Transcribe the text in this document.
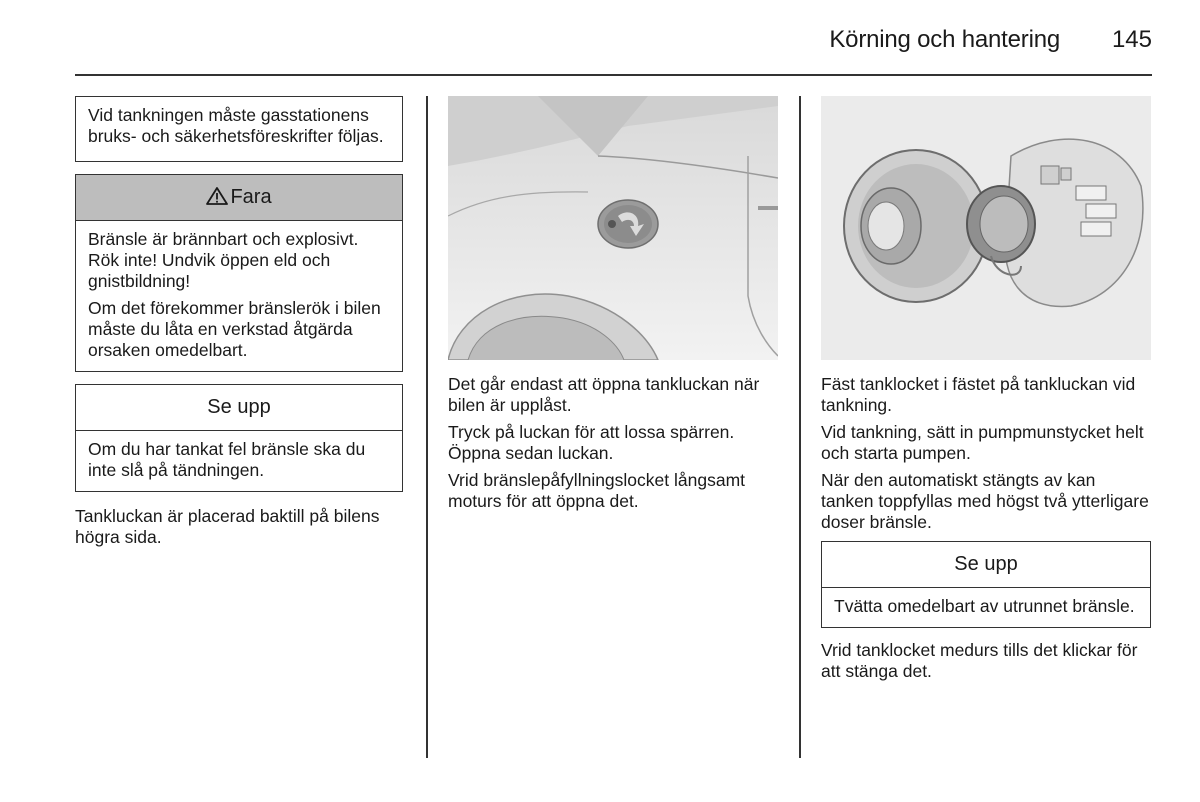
Körning och hantering	145

Vid tankningen måste gasstationens bruks- och säkerhetsföreskrifter följas.

Fara

Bränsle är brännbart och explosivt. Rök inte! Undvik öppen eld och gnistbildning!

Om det förekommer bränslerök i bilen måste du låta en verkstad åtgärda orsaken omedelbart.

Se upp

Om du har tankat fel bränsle ska du inte slå på tändningen.

Tankluckan är placerad baktill på bilens högra sida.

Det går endast att öppna tankluckan när bilen är upplåst.

Tryck på luckan för att lossa spärren. Öppna sedan luckan.

Vrid bränslepåfyllningslocket långsamt moturs för att öppna det.

Fäst tanklocket i fästet på tankluckan vid tankning.

Vid tankning, sätt in pumpmunstycket helt och starta pumpen.

När den automatiskt stängts av kan tanken toppfyllas med högst två ytterligare doser bränsle.

Se upp

Tvätta omedelbart av utrunnet bränsle.

Vrid tanklocket medurs tills det klickar för att stänga det.
